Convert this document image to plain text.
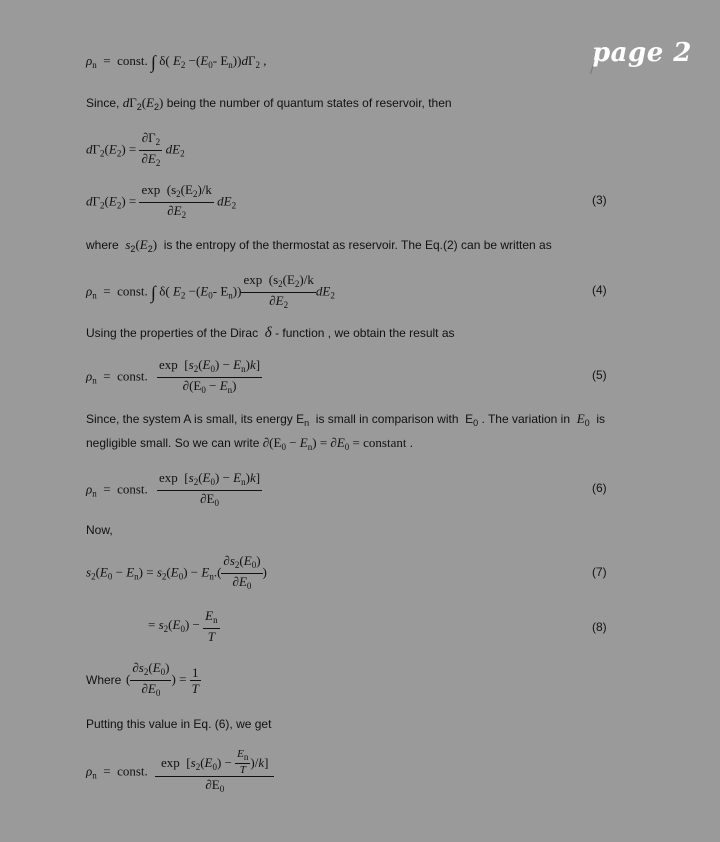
page 2
$\rho_n$  =  const. ∫ δ( $E_2 -(E_0-$ $E_n))d\Gamma_2$ ,
Since, $d\Gamma_2(E_2)$ being the number of quantum states of reservoir, then
$d\Gamma_2(E_2) = \frac{\partial\Gamma_2}{\partial E_2} dE_2$
$d\Gamma_2(E_2) = \frac{\exp (s_2(E_2)/k}{\partial E_2} dE_2$	(3)
where  $s_2(E_2)$  is the entropy of the thermostat as reservoir. The Eq.(2) can be written as
$\rho_n$  =  const. ∫ δ( $E_2 -(E_0-$ $E_n)) \frac{\exp (s_2(E_2)/k}{\partial E_2} dE_2$	(4)
Using the properties of the Dirac  δ - function , we obtain the result as
$\rho_n$  =  const. $\frac{\exp [s_2(E_0) - E_n)k]}{\partial(E_0 - E_n)}$	(5)
Since, the system A is small, its energy $E_n$  is small in comparison with  $E_0$ . The variation in  $E_0$  is
negligible small. So we can write $\partial(E_0 - E_n) = \partial E_0$ = constant .
$\rho_n$  =  const. $\frac{\exp [s_2(E_0) - E_n)k]}{\partial E_0}$	(6)
Now,
$s_2(E_0 - E_n) = s_2(E_0) - E_n.( \frac{\partial s_2(E_0)}{\partial E_0}$ )	(7)
= $s_2(E_0) - \frac{E_n}{T}$	(8)
Where ( $\frac{\partial s_2(E_0)}{\partial E_0}$ ) = $\frac{1}{T}$
Putting this value in Eq. (6), we get
$\rho_n$  =  const. $\frac{\exp [s_2(E_0) - \frac{E_n}{T} )/k]}{\partial E_0}$
